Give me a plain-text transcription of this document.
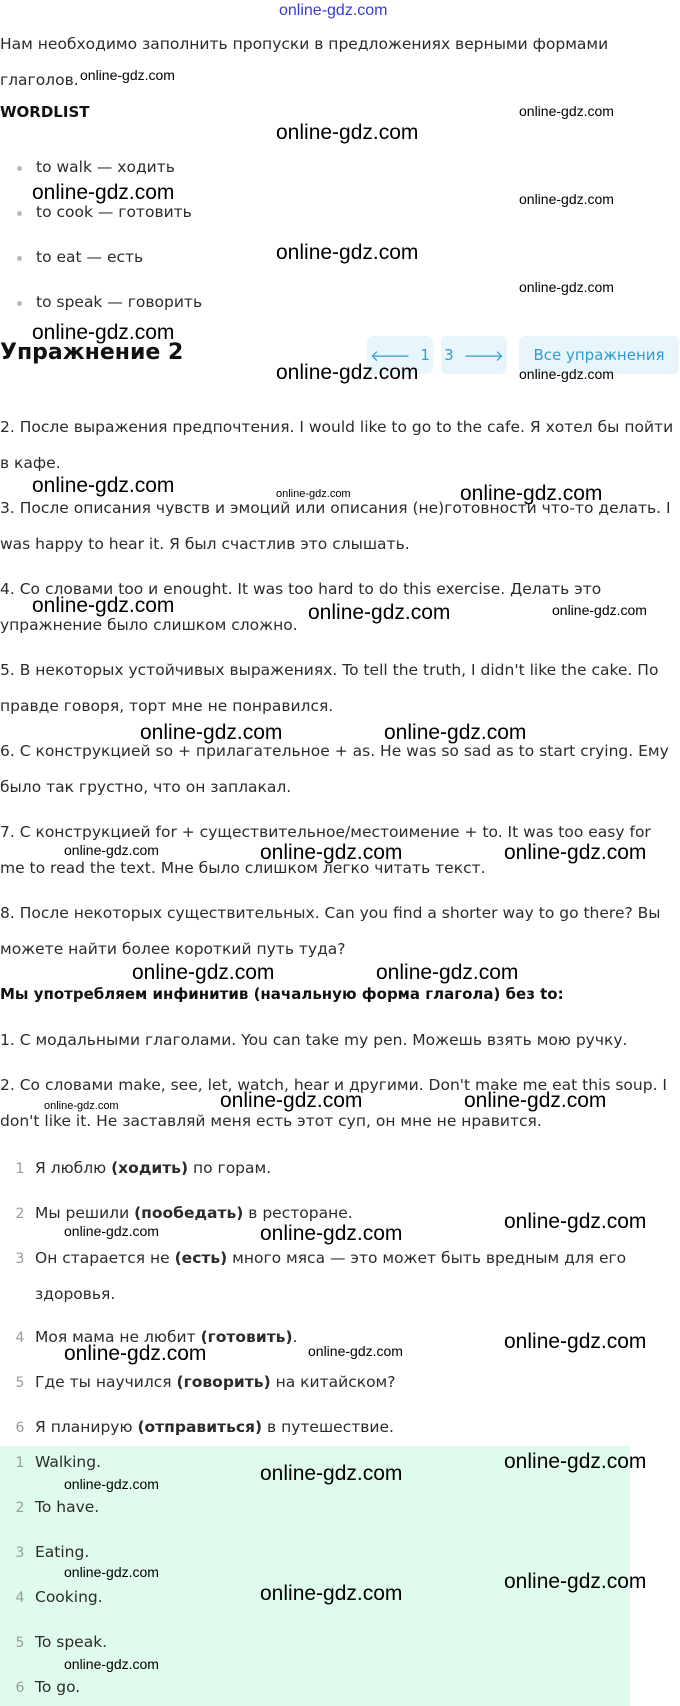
online-gdz.com
Нам необходимо заполнить пропуски в предложениях верными формами глаголов.
WORDLIST
to walk — ходить
to cook — готовить
to eat — есть
to speak — говорить
Упражнение 2	🡐 1 3 🡒	Все упражнения
2. После выражения предпочтения. I would like to go to the cafe. Я хотел бы пойти в кафе.
3. После описания чувств и эмоций или описания (не)готовности что-то делать. I was happy to hear it. Я был счастлив это слышать.
4. Со словами too и enought. It was too hard to do this exercise. Делать это упражнение было слишком сложно.
5. В некоторых устойчивых выражениях. To tell the truth, I didn't like the cake. По правде говоря, торт мне не понравился.
6. С конструкцией so + прилагательное + as. He was so sad as to start crying. Ему было так грустно, что он заплакал.
7. С конструкцией for + существительное/местоимение + to. It was too easy for me to read the text. Мне было слишком легко читать текст.
8. После некоторых существительных. Can you find a shorter way to go there? Вы можете найти более короткий путь туда?
Мы употребляем инфинитив (начальную форма глагола) без to:
1. С модальными глаголами. You can take my pen. Можешь взять мою ручку.
2. Со словами make, see, let, watch, hear и другими. Don't make me eat this soup. I don't like it. Не заставляй меня есть этот суп, он мне не нравится.
1 Я люблю (ходить) по горам.
2 Мы решили (пообедать) в ресторане.
3 Он старается не (есть) много мяса — это может быть вредным для его
здоровья.
4 Моя мама не любит (готовить).
5 Где ты научился (говорить) на китайском?
6 Я планирую (отправиться) в путешествие.
1 Walking.
2 To have.
3 Eating.
4 Cooking.
5 To speak.
6 To go.
online-gdz.com
online-gdz.com
online-gdz.com
online-gdz.com	online-gdz.com
online-gdz.com
online-gdz.com
online-gdz.com
online-gdz.com	online-gdz.com
online-gdz.com	online-gdz.com	online-gdz.com
online-gdz.com	online-gdz.com	online-gdz.com
online-gdz.com	online-gdz.com
online-gdz.com	online-gdz.com	online-gdz.com
online-gdz.com	online-gdz.com
online-gdz.com	online-gdz.com	online-gdz.com
online-gdz.com	online-gdz.com
online-gdz.com
online-gdz.com	online-gdz.com	online-gdz.com
online-gdz.com
online-gdz.com	online-gdz.com
online-gdz.com	online-gdz.com
online-gdz.com
online-gdz.com
